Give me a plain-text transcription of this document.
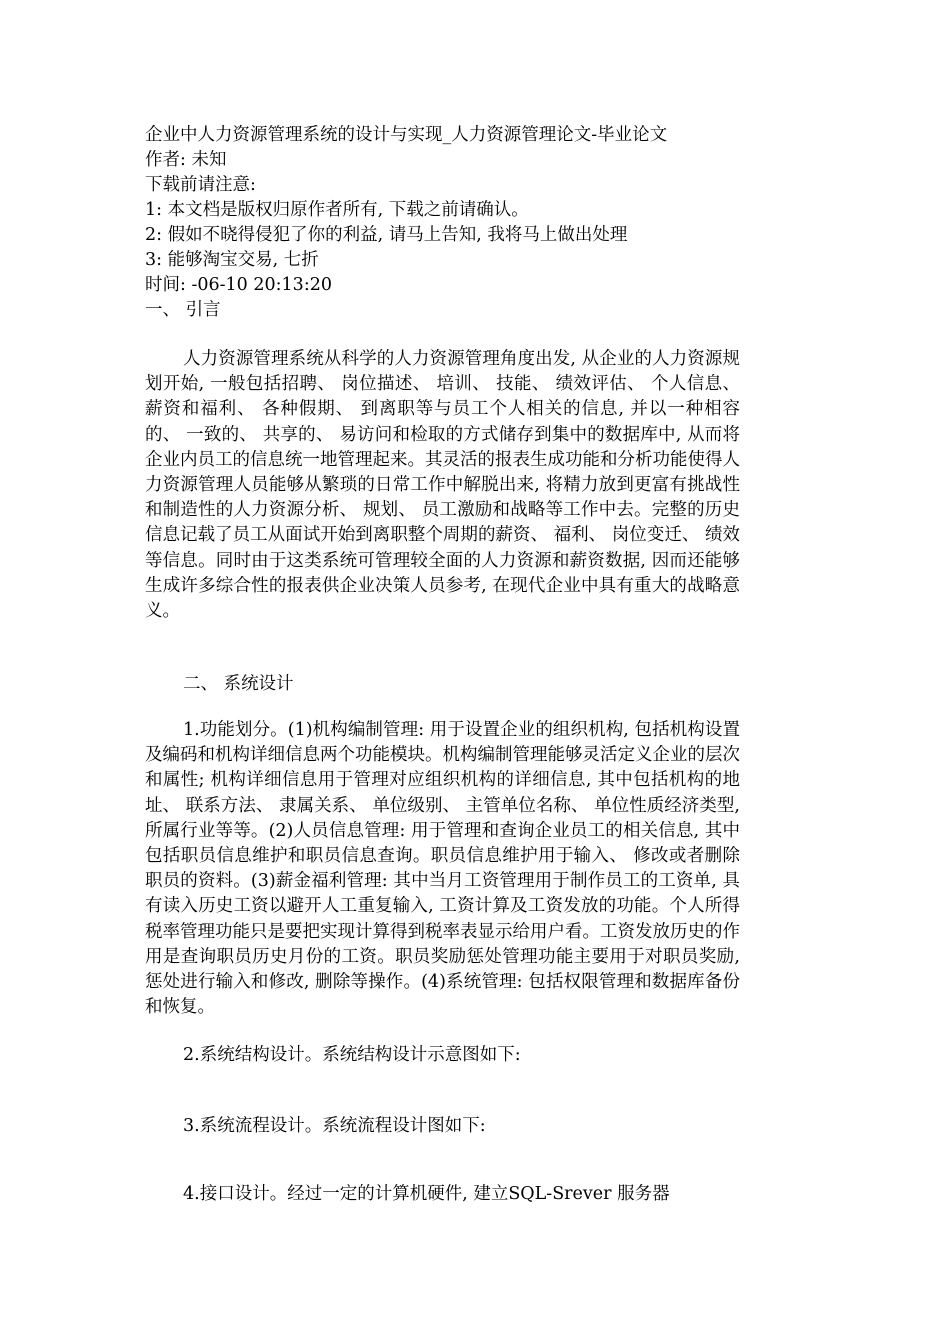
企业中人力资源管理系统的设计与实现_人力资源管理论文-毕业论文
作者: 未知
下载前请注意:
1: 本文档是版权归原作者所有, 下载之前请确认。
2: 假如不晓得侵犯了你的利益, 请马上告知, 我将马上做出处理
3: 能够淘宝交易, 七折
时间: -06-10 20:13:20
一、 引言
人力资源管理系统从科学的人力资源管理角度出发, 从企业的人力资源规划开始, 一般包括招聘、 岗位描述、 培训、 技能、 绩效评估、 个人信息、 薪资和福利、 各种假期、 到离职等与员工个人相关的信息, 并以一种相容的、 一致的、 共享的、 易访问和检取的方式储存到集中的数据库中, 从而将企业内员工的信息统一地管理起来。其灵活的报表生成功能和分析功能使得人力资源管理人员能够从繁琐的日常工作中解脱出来, 将精力放到更富有挑战性和制造性的人力资源分析、 规划、 员工激励和战略等工作中去。完整的历史信息记载了员工从面试开始到离职整个周期的薪资、 福利、 岗位变迁、 绩效等信息。同时由于这类系统可管理较全面的人力资源和薪资数据, 因而还能够生成许多综合性的报表供企业决策人员参考, 在现代企业中具有重大的战略意义。
二、 系统设计
1.功能划分。(1)机构编制管理: 用于设置企业的组织机构, 包括机构设置及编码和机构详细信息两个功能模块。机构编制管理能够灵活定义企业的层次和属性; 机构详细信息用于管理对应组织机构的详细信息, 其中包括机构的地址、 联系方法、 隶属关系、 单位级别、 主管单位名称、 单位性质经济类型, 所属行业等等。(2)人员信息管理: 用于管理和查询企业员工的相关信息, 其中包括职员信息维护和职员信息查询。职员信息维护用于输入、 修改或者删除职员的资料。(3)薪金福利管理: 其中当月工资管理用于制作员工的工资单, 具有读入历史工资以避开人工重复输入, 工资计算及工资发放的功能。个人所得税率管理功能只是要把实现计算得到税率表显示给用户看。工资发放历史的作用是查询职员历史月份的工资。职员奖励惩处管理功能主要用于对职员奖励, 惩处进行输入和修改, 删除等操作。(4)系统管理: 包括权限管理和数据库备份和恢复。
2.系统结构设计。系统结构设计示意图如下:
3.系统流程设计。系统流程设计图如下:
4.接口设计。经过一定的计算机硬件, 建立SQL-Srever 服务器
